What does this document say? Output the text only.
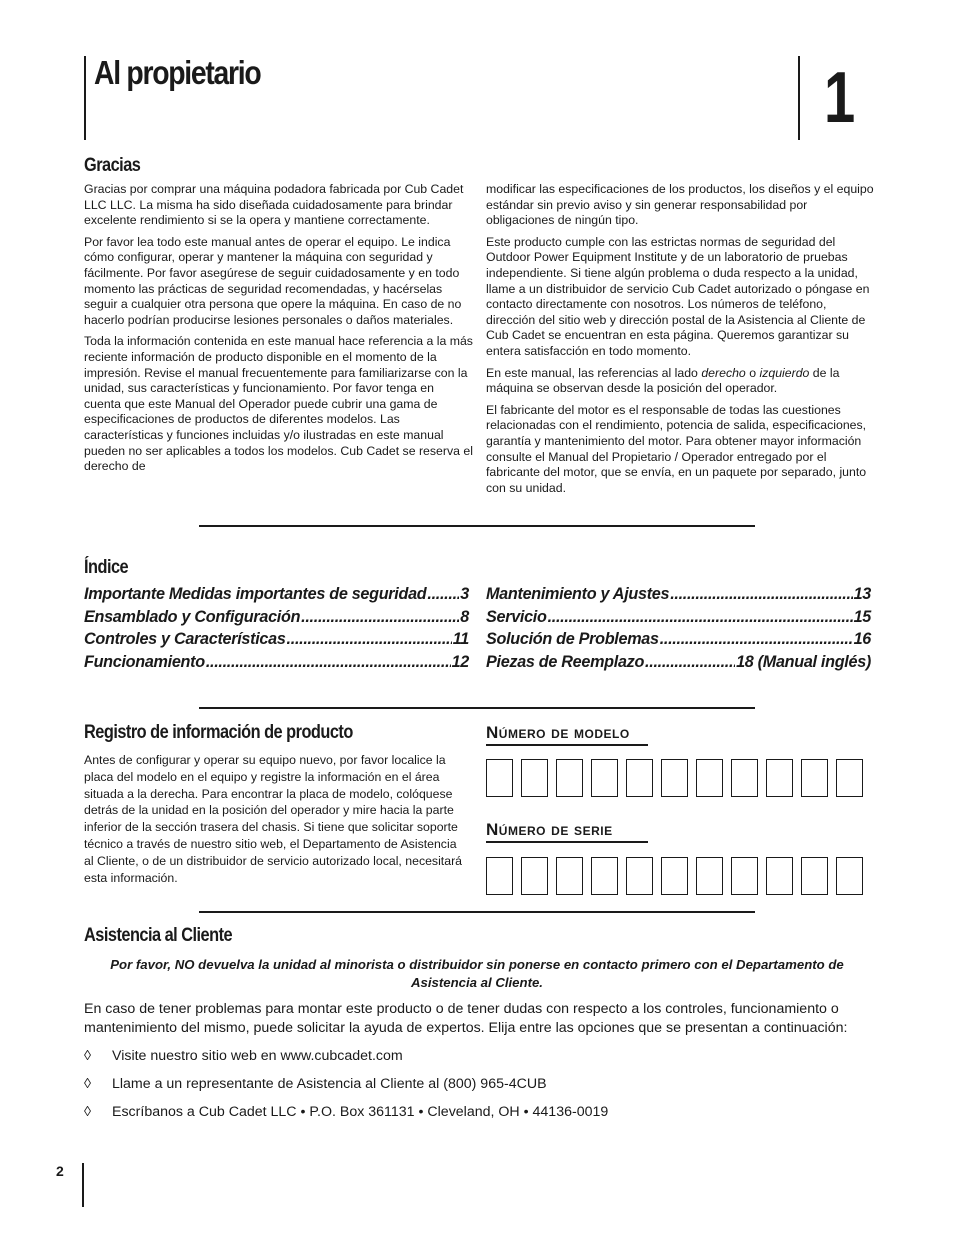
Al propietario	1
Gracias

Gracias por comprar una máquina podadora fabricada por Cub Cadet LLC LLC. La misma ha sido diseñada cuidadosamente para brindar excelente rendimiento si se la opera y mantiene correctamente.

Por favor lea todo este manual antes de operar el equipo. Le indica cómo configurar, operar y mantener la máquina con seguridad y fácilmente. Por favor asegúrese de seguir cuidadosamente y en todo momento las prácticas de seguridad recomendadas, y hacérselas seguir a cualquier otra persona que opere la máquina. En caso de no hacerlo podrían producirse lesiones personales o daños materiales.

Toda la información contenida en este manual hace referencia a la más reciente información de producto disponible en el momento de la impresión. Revise el manual frecuentemente para familiarizarse con la unidad, sus características y funcionamiento. Por favor tenga en cuenta que este Manual del Operador puede cubrir una gama de especificaciones de productos de diferentes modelos. Las características y funciones incluidas y/o ilustradas en este manual pueden no ser aplicables a todos los modelos. Cub Cadet se reserva el derecho de

modificar las especificaciones de los productos, los diseños y el equipo estándar sin previo aviso y sin generar responsabilidad por obligaciones de ningún tipo.

Este producto cumple con las estrictas normas de seguridad del Outdoor Power Equipment Institute y de un laboratorio de pruebas independiente. Si tiene algún problema o duda respecto a la unidad, llame a un distribuidor de servicio Cub Cadet autorizado o póngase en contacto directamente con nosotros. Los números de teléfono, dirección del sitio web y dirección postal de la Asistencia al Cliente de Cub Cadet se encuentran en esta página. Queremos garantizar su entera satisfacción en todo momento.

En este manual, las referencias al lado derecho o izquierdo de la máquina se observan desde la posición del operador.

El fabricante del motor es el responsable de todas las cuestiones relacionadas con el rendimiento, potencia de salida, especificaciones, garantía y mantenimiento del motor. Para obtener mayor información consulte el Manual del Propietario / Operador entregado por el fabricante del motor, que se envía, en un paquete por separado, junto con su unidad.

Índice
Importante Medidas importantes de seguridad ..... 3
Ensamblado y Configuración .....	8
Controles y Características .....	11
Funcionamiento .....	12
Mantenimiento y Ajustes .....	13
Servicio .....	15
Solución de Problemas .....	16
Piezas de Reemplazo .....	18 (Manual inglés)
Registro de información de producto
Antes de configurar y operar su equipo nuevo, por favor localice la placa del modelo en el equipo y registre la información en el área situada a la derecha. Para encontrar la placa de modelo, colóquese detrás de la unidad en la posición del operador y mire hacia la parte inferior de la sección trasera del chasis. Si tiene que solicitar soporte técnico a través de nuestro sitio web, el Departamento de Asistencia al Cliente, o de un distribuidor de servicio autorizado local, necesitará esta información.
Número de modelo
Número de serie
Asistencia al Cliente
Por favor, NO devuelva la unidad al minorista o distribuidor sin ponerse en contacto primero con el Departamento de Asistencia al Cliente.
En caso de tener problemas para montar este producto o de tener dudas con respecto a los controles, funcionamiento o mantenimiento del mismo, puede solicitar la ayuda de expertos. Elija entre las opciones que se presentan a continuación:
◊ Visite nuestro sitio web en www.cubcadet.com
◊ Llame a un representante de Asistencia al Cliente al (800) 965-4CUB
◊ Escríbanos a Cub Cadet LLC • P.O. Box 361131 • Cleveland, OH • 44136-0019
2
